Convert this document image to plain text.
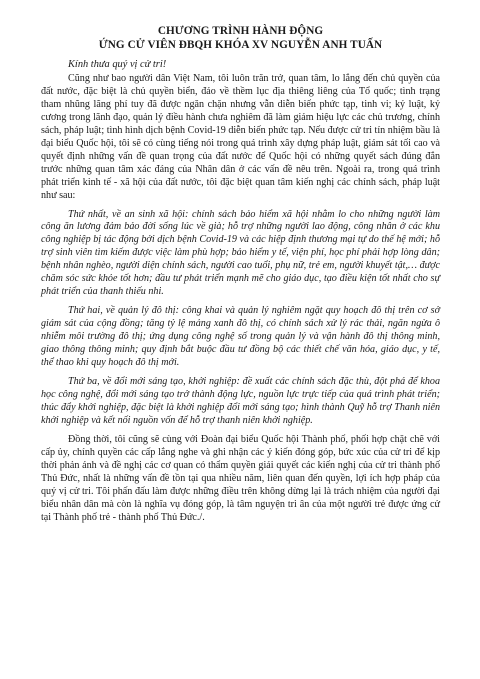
CHƯƠNG TRÌNH HÀNH ĐỘNG
ỨNG CỬ VIÊN ĐBQH KHÓA XV NGUYỄN ANH TUẤN

Kính thưa quý vị cử tri!

Cũng như bao người dân Việt Nam, tôi luôn trăn trở, quan tâm, lo lắng đến chủ quyền của đất nước, đặc biệt là chủ quyền biển, đảo về thềm lục địa thiêng liêng của Tổ quốc; tình trạng tham nhũng lãng phí tuy đã được ngăn chặn nhưng vẫn diễn biến phức tạp, tinh vi; kỷ luật, kỷ cương trong lãnh đạo, quản lý điều hành chưa nghiêm đã làm giảm hiệu lực các chủ trương, chính sách, pháp luật; tình hình dịch bệnh Covid-19 diễn biến phức tạp. Nếu được cử tri tín nhiệm bầu là đại biểu Quốc hội, tôi sẽ có cùng tiếng nói trong quá trình xây dựng pháp luật, giám sát tối cao và quyết định những vấn đề quan trọng của đất nước để Quốc hội có những quyết sách đúng đắn trước những quan tâm xác đáng của Nhân dân ở các vấn đề nêu trên. Ngoài ra, trong quá trình phát triển kinh tế - xã hội của đất nước, tôi đặc biệt quan tâm kiến nghị các chính sách, pháp luật như sau:

Thứ nhất, về an sinh xã hội: chính sách bảo hiểm xã hội nhằm lo cho những người làm công ăn lương đảm bảo đời sống lúc về già; hỗ trợ những người lao động, công nhân ở các khu công nghiệp bị tác động bởi dịch bệnh Covid-19 và các hiệp định thương mại tự do thế hệ mới; hỗ trợ sinh viên tìm kiếm được việc làm phù hợp; bảo hiểm y tế, viện phí, học phí phải hợp lòng dân; bệnh nhân nghèo, người diện chính sách, người cao tuổi, phụ nữ, trẻ em, người khuyết tật,… được chăm sóc sức khỏe tốt hơn; đầu tư phát triển mạnh mẽ cho giáo dục, tạo điều kiện tốt nhất cho sự phát triển của thanh thiếu nhi.

Thứ hai, về quản lý đô thị: công khai và quản lý nghiêm ngặt quy hoạch đô thị trên cơ sở giám sát của cộng đồng; tăng tỷ lệ mảng xanh đô thị, có chính sách xử lý rác thải, ngăn ngừa ô nhiễm môi trường đô thị; ứng dụng công nghệ số trong quản lý và vận hành đô thị thông minh, giao thông thông minh; quy định bắt buộc đầu tư đồng bộ các thiết chế văn hóa, giáo dục, y tế, thể thao khi quy hoạch đô thị mới.

Thứ ba, về đổi mới sáng tạo, khởi nghiệp: đề xuất các chính sách đặc thù, đột phá để khoa học công nghệ, đổi mới sáng tạo trở thành động lực, nguồn lực trực tiếp của quá trình phát triển; thúc đẩy khởi nghiệp, đặc biệt là khởi nghiệp đổi mới sáng tạo; hình thành Quỹ hỗ trợ Thanh niên khởi nghiệp và kết nối nguồn vốn để hỗ trợ thanh niên khởi nghiệp.

Đồng thời, tôi cũng sẽ cùng với Đoàn đại biểu Quốc hội Thành phố, phối hợp chặt chẽ với cấp ủy, chính quyền các cấp lắng nghe và ghi nhận các ý kiến đóng góp, bức xúc của cử tri để kịp thời phản ánh và đề nghị các cơ quan có thẩm quyền giải quyết các kiến nghị của cử tri thành phố Thủ Đức, nhất là những vấn đề tồn tại qua nhiều năm, liên quan đến quyền, lợi ích hợp pháp của quý vị cử tri. Tôi phấn đấu làm được những điều trên không dừng lại là trách nhiệm của người đại biểu nhân dân mà còn là nghĩa vụ đóng góp, là tâm nguyện tri ân của một người trẻ được ứng cử tại Thành phố trẻ - thành phố Thủ Đức./.
